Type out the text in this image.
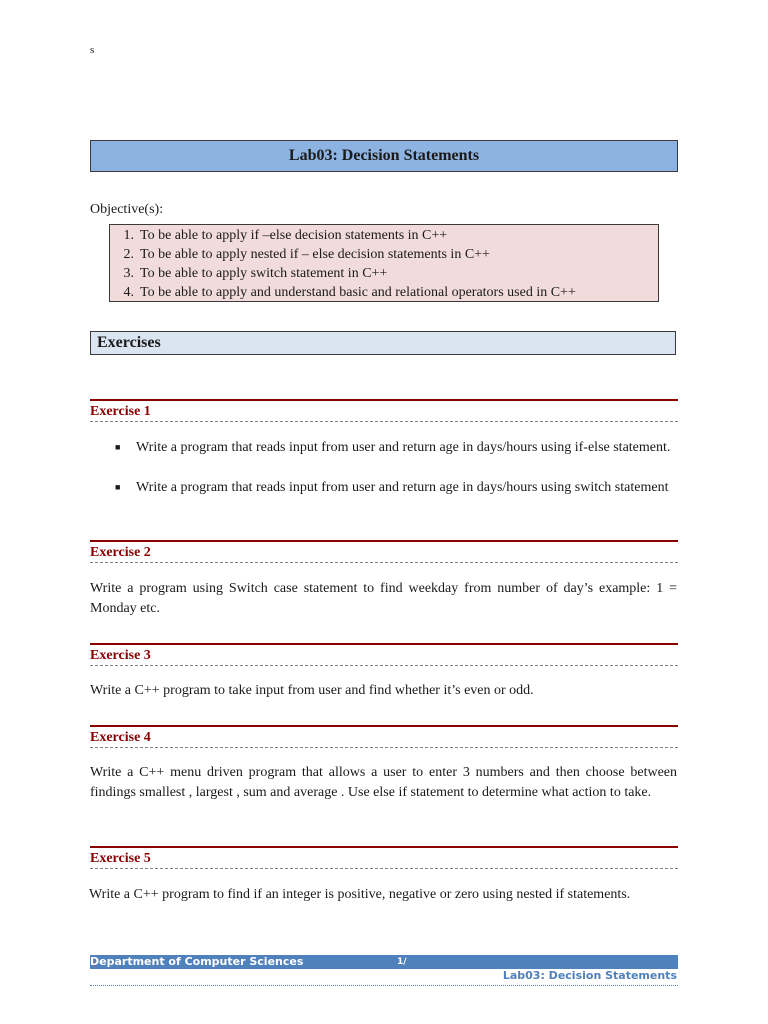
s
Lab03: Decision Statements
Objective(s):
1. To be able to apply if –else decision statements in C++
2. To be able to apply nested if – else decision statements in C++
3. To be able to apply switch statement in C++
4. To be able to apply and understand basic and relational operators used in C++
Exercises
Exercise 1
■ Write a program that reads input from user and return age in days/hours using if-else statement.
■ Write a program that reads input from user and return age in days/hours using switch statement
Exercise 2
Write a program using Switch case statement to find weekday from number of day’s example: 1 = Monday etc.
Exercise 3
Write a C++ program to take input from user and find whether it’s even or odd.
Exercise 4
Write a C++ menu driven program that allows a user to enter 3 numbers and then choose between findings smallest , largest , sum and average . Use else if statement to determine what action to take.
Exercise 5
Write a C++ program to find if an integer is positive, negative or zero using nested if statements.
Department of Computer Sciences	1/
Lab03: Decision Statements
